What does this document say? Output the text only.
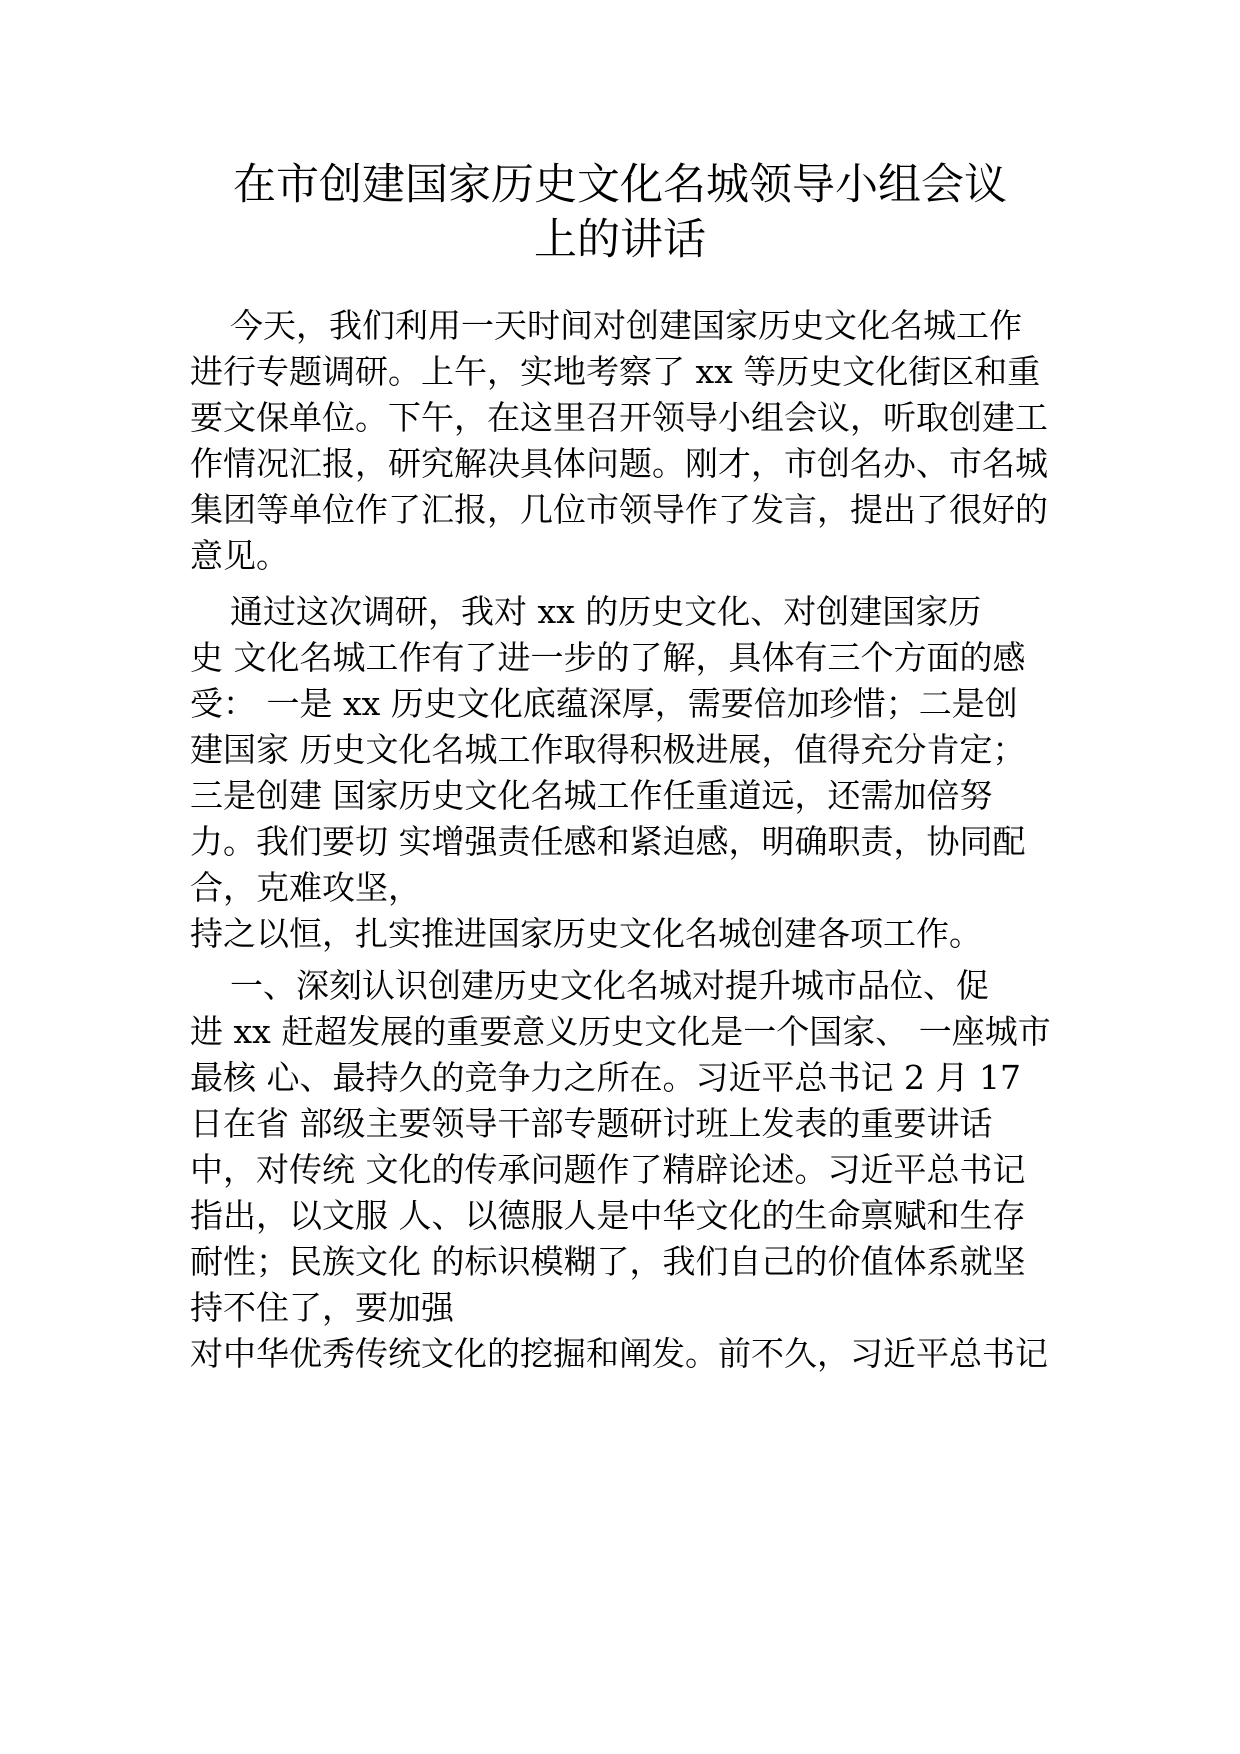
在市创建国家历史文化名城领导小组会议
上的讲话

今天，我们利用一天时间对创建国家历史文化名城工作

进行专题调研。上午，实地考察了 xx 等历史文化街区和重

要文保单位。下午，在这里召开领导小组会议，听取创建工

作情况汇报，研究解决具体问题。刚才，市创名办、市名城

集团等单位作了汇报，几位市领导作了发言，提出了很好的

意见。

通过这次调研，我对 xx 的历史文化、对创建国家历

史 文化名城工作有了进一步的了解，具体有三个方面的感

受： 一是 xx 历史文化底蕴深厚，需要倍加珍惜；二是创

建国家 历史文化名城工作取得积极进展，值得充分肯定；

三是创建 国家历史文化名城工作任重道远，还需加倍努

力。我们要切 实增强责任感和紧迫感，明确职责，协同配

合，克难攻坚，

持之以恒，扎实推进国家历史文化名城创建各项工作。

一、深刻认识创建历史文化名城对提升城市品位、促

进 xx 赶超发展的重要意义历史文化是一个国家、 一座城市

最核 心、最持久的竞争力之所在。习近平总书记 2 月 17

日在省 部级主要领导干部专题研讨班上发表的重要讲话

中，对传统 文化的传承问题作了精辟论述。习近平总书记

指出，以文服 人、以德服人是中华文化的生命禀赋和生存

耐性；民族文化 的标识模糊了，我们自己的价值体系就坚

持不住了，要加强

对中华优秀传统文化的挖掘和阐发。前不久，习近平总书记
